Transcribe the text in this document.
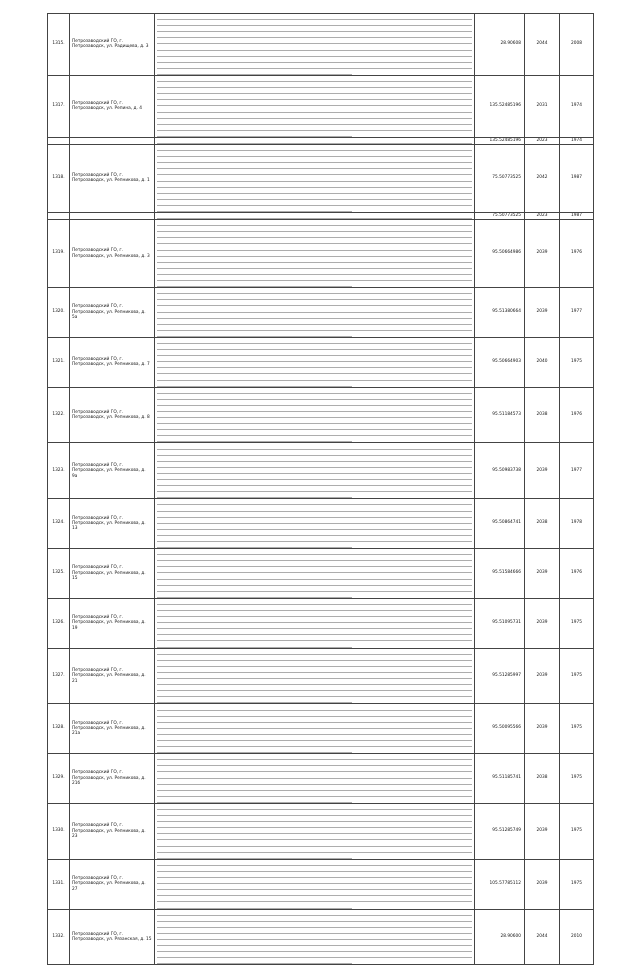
1315.	Петрозаводский ГО, г. Петрозаводск, ул. Радищева, д. 3		28.90608	2044	2008
1317.	Петрозаводский ГО, г. Петрозаводск, ул. Репина, д. 4		135.52485196	2031	1974

	135.52485196	2023	1974
1318.	Петрозаводский ГО, г. Петрозаводск, ул. Репникова, д. 1		75.50773525	2042	1987

	75.50773525	2023	1987
1319.	Петрозаводский ГО, г. Петрозаводск, ул. Репникова, д. 3		95.50664986	2039	1976
1320.	Петрозаводский ГО, г. Петрозаводск, ул. Репникова, д. 5а		95.51380664	2039	1977
1321.	Петрозаводский ГО, г. Петрозаводск, ул. Репникова, д. 7		95.50664903	2040	1975
1322.	Петрозаводский ГО, г. Петрозаводск, ул. Репникова, д. 8		95.51184573	2038	1976
1323.	Петрозаводский ГО, г. Петрозаводск, ул. Репникова, д. 9а		95.50983738	2039	1977
1324.	Петрозаводский ГО, г. Петрозаводск, ул. Репникова, д. 13		95.50864741	2038	1978
1325.	Петрозаводский ГО, г. Петрозаводск, ул. Репникова, д. 15		95.51584666	2039	1976
1326.	Петрозаводский ГО, г. Петрозаводск, ул. Репникова, д. 19		95.51095731	2039	1975
1327.	Петрозаводский ГО, г. Петрозаводск, ул. Репникова, д. 21		95.51285997	2039	1975
1328.	Петрозаводский ГО, г. Петрозаводск, ул. Репникова, д. 21а		95.50095566	2039	1975
1329.	Петрозаводский ГО, г. Петрозаводск, ул. Репникова, д. 21б		95.51185741	2038	1975
1330.	Петрозаводский ГО, г. Петрозаводск, ул. Репникова, д. 23		95.51285749	2039	1975
1331.	Петрозаводский ГО, г. Петрозаводск, ул. Репникова, д. 27		105.57785112	2039	1975
1332.	Петрозаводский ГО, г. Петрозаводск, ул. Рязанская, д. 15		28.90600	2044	2010
